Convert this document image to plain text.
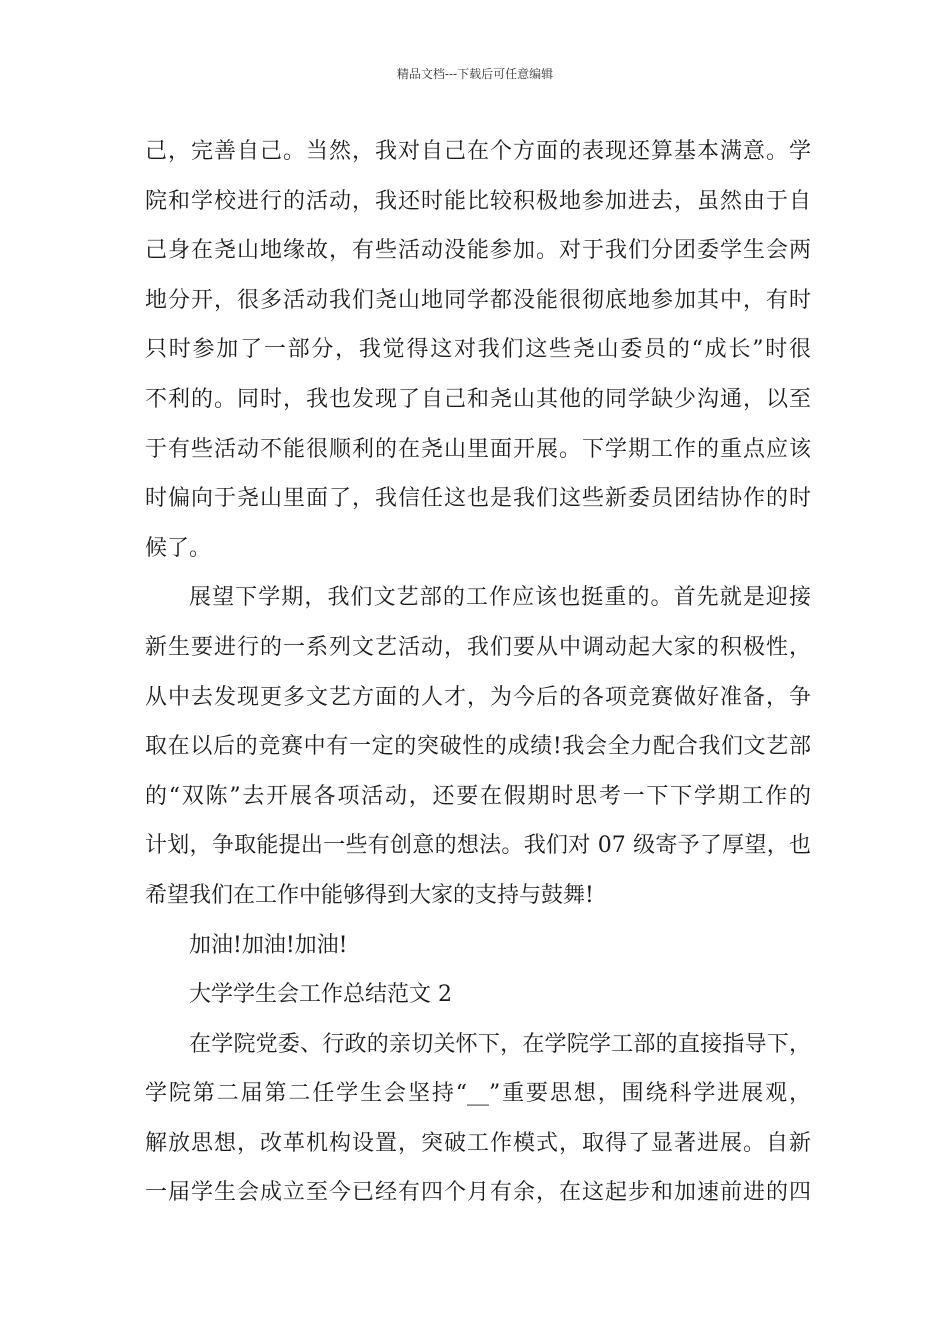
精品文档---下载后可任意编辑
己，完善自己。当然，我对自己在个方面的表现还算基本满意。学
院和学校进行的活动，我还时能比较积极地参加进去，虽然由于自
己身在尧山地缘故，有些活动没能参加。对于我们分团委学生会两
地分开，很多活动我们尧山地同学都没能很彻底地参加其中，有时
只时参加了一部分，我觉得这对我们这些尧山委员的“成长”时很
不利的。同时，我也发现了自己和尧山其他的同学缺少沟通，以至
于有些活动不能很顺利的在尧山里面开展。下学期工作的重点应该
时偏向于尧山里面了，我信任这也是我们这些新委员团结协作的时
候了。
展望下学期，我们文艺部的工作应该也挺重的。首先就是迎接
新生要进行的一系列文艺活动，我们要从中调动起大家的积极性，
从中去发现更多文艺方面的人才，为今后的各项竞赛做好准备，争
取在以后的竞赛中有一定的突破性的成绩!我会全力配合我们文艺部
的“双陈”去开展各项活动，还要在假期时思考一下下学期工作的
计划，争取能提出一些有创意的想法。我们对 07 级寄予了厚望，也
希望我们在工作中能够得到大家的支持与鼓舞!
加油!加油!加油!
大学学生会工作总结范文 2
在学院党委、行政的亲切关怀下，在学院学工部的直接指导下，
学院第二届第二任学生会坚持“__”重要思想，围绕科学进展观，
解放思想，改革机构设置，突破工作模式，取得了显著进展。自新
一届学生会成立至今已经有四个月有余，在这起步和加速前进的四
